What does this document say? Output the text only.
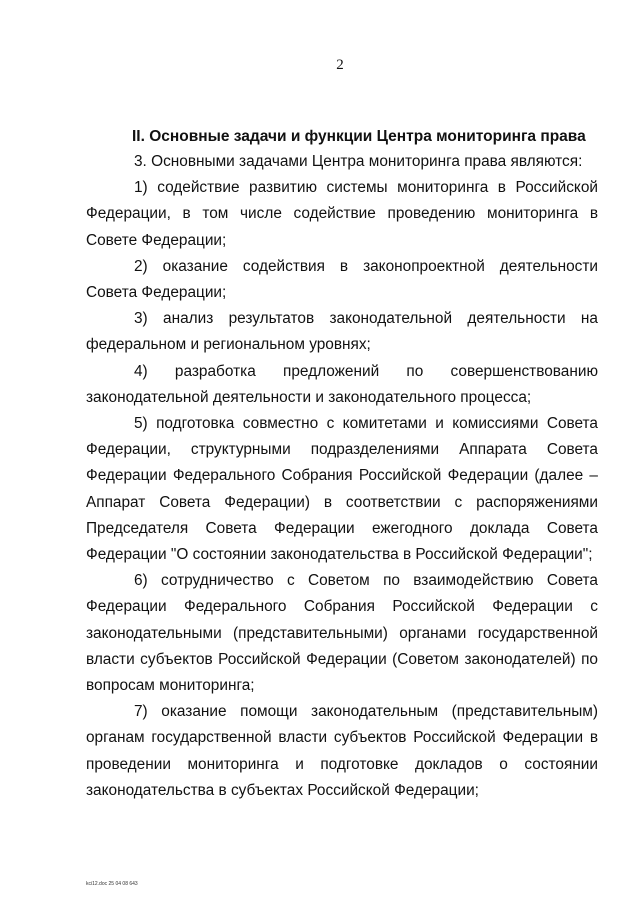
2
II. Основные задачи и функции Центра мониторинга права

3. Основными задачами Центра мониторинга права являются:

1) содействие развитию системы мониторинга в Российской Федерации, в том числе содействие проведению мониторинга в Совете Федерации;

2) оказание содействия в законопроектной деятельности Совета Федерации;

3) анализ результатов законодательной деятельности на федеральном и региональном уровнях;

4) разработка предложений по совершенствованию законодательной деятельности и законодательного процесса;

5) подготовка совместно с комитетами и комиссиями Совета Федерации, структурными подразделениями Аппарата Совета Федерации Федерального Собрания Российской Федерации (далее – Аппарат Совета Федерации) в соответствии с распоряжениями Председателя Совета Федерации ежегодного доклада Совета Федерации "О состоянии законодательства в Российской Федерации";

6) сотрудничество с Советом по взаимодействию Совета Федерации Федерального Собрания Российской Федерации с законодательными (представительными) органами государственной власти субъектов Российской Федерации (Советом законодателей) по вопросам мониторинга;

7) оказание помощи законодательным (представительным) органам государственной власти субъектов Российской Федерации в проведении мониторинга и подготовке докладов о состоянии законодательства в субъектах Российской Федерации;

kci12.doc 25 04 08 643
